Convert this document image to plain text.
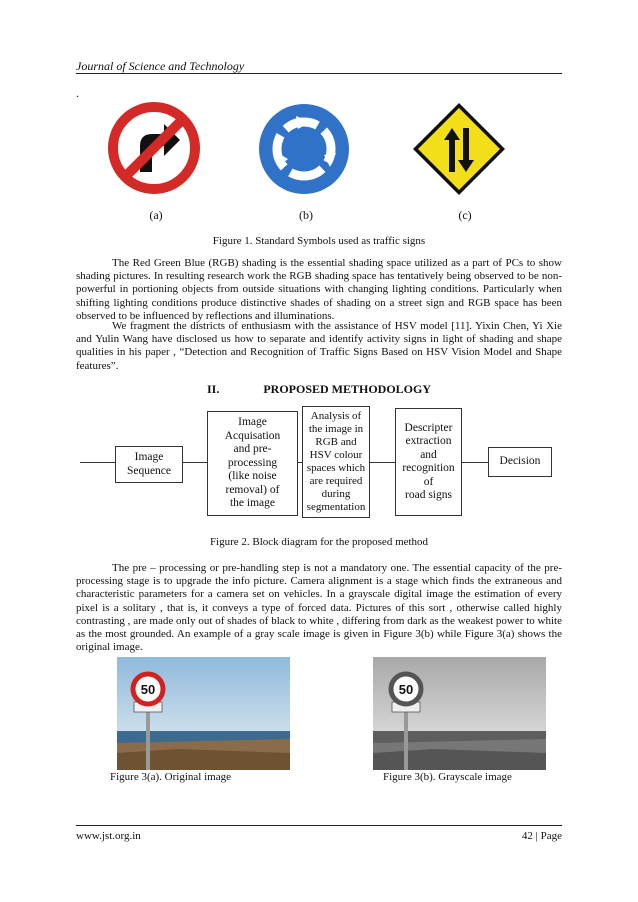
Journal of Science and Technology
.
(a)	(b)	(c)
Figure 1. Standard Symbols used as traffic signs

The Red Green Blue (RGB) shading is the essential shading space utilized as a part of PCs to show shading pictures. In resulting research work the RGB shading space has tentatively being observed to be non-powerful in portioning objects from outside situations with changing lighting conditions. Particularly when shifting lighting conditions produce distinctive shades of shading on a street sign and RGB space has been observed to be influenced by reflections and illuminations.

We fragment the districts of enthusiasm with the assistance of HSV model [11]. Yixin Chen, Yi Xie and Yulin Wang have disclosed us how to separate and identify activity signs in light of shading and shape qualities in his paper , “Detection and Recognition of Traffic Signs Based on HSV Vision Model and Shape features”.

II.	PROPOSED METHODOLOGY
Image
Sequence
Image
Acquisation
and pre-
processing
(like noise
removal) of
the image
Analysis of
the image in
RGB and
HSV colour
spaces which
are required
during
segmentation
Descripter
extraction
and
recognition
of
road signs
Decision
Figure 2. Block diagram for the proposed method

The pre – processing or pre-handling step is not a mandatory one. The essential capacity of the pre-processing stage is to upgrade the info picture. Camera alignment is a stage which finds the extraneous and characteristic parameters for a camera set on vehicles. In a grayscale digital image the estimation of every pixel is a solitary , that is, it conveys a type of forced data. Pictures of this sort , otherwise called highly contrasting , are made only out of shades of black to white , differing from dark as the weakest power to white as the most grounded. An example of a gray scale image is given in Figure 3(b) while Figure 3(a) shows the original image.

50	50
Figure 3(a). Original image	Figure 3(b). Grayscale image
www.jst.org.in	42 | Page
